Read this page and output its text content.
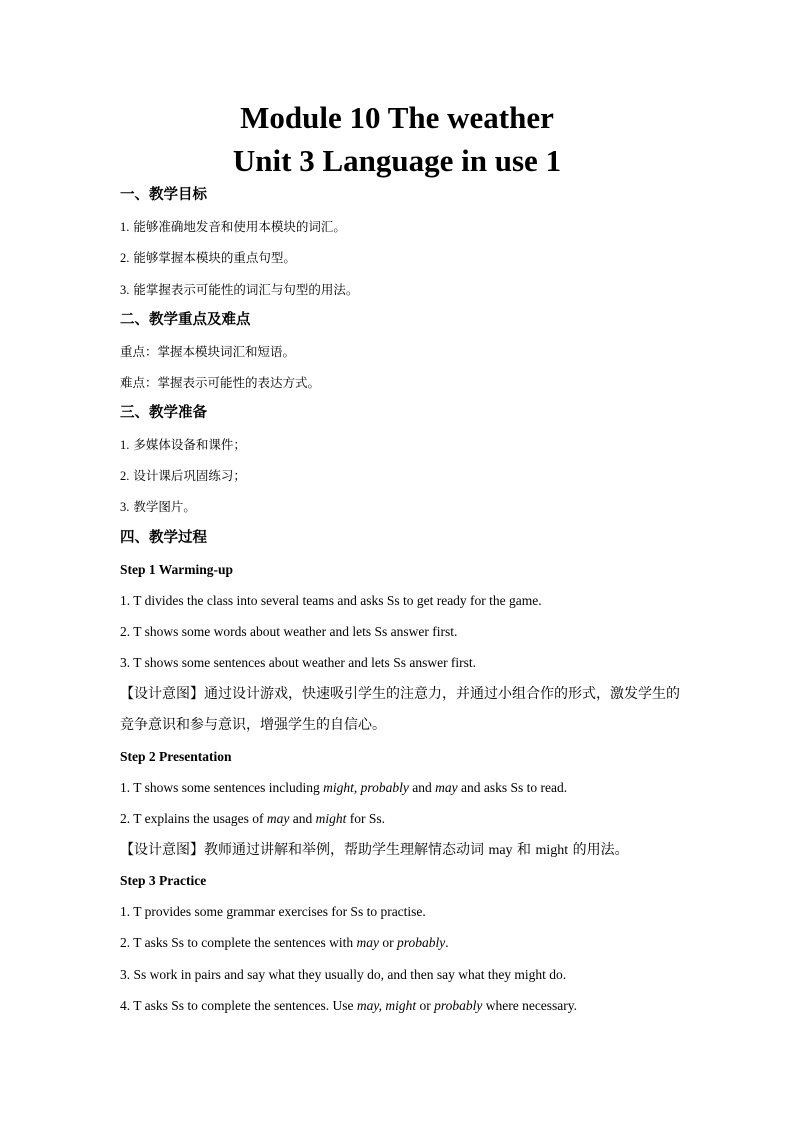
Module 10 The weather
Unit 3 Language in use 1

一、教学目标

1. 能够准确地发音和使用本模块的词汇。

2. 能够掌握本模块的重点句型。

3. 能掌握表示可能性的词汇与句型的用法。

二、教学重点及难点

重点：掌握本模块词汇和短语。

难点：掌握表示可能性的表达方式。

三、教学准备

1. 多媒体设备和课件；

2. 设计课后巩固练习；

3. 教学图片。

四、教学过程

Step 1 Warming-up

1. T divides the class into several teams and asks Ss to get ready for the game.

2. T shows some words about weather and lets Ss answer first.

3. T shows some sentences about weather and lets Ss answer first.

【设计意图】通过设计游戏，快速吸引学生的注意力，并通过小组合作的形式，激发学生的

竞争意识和参与意识，增强学生的自信心。

Step 2 Presentation

1. T shows some sentences including might, probably and may and asks Ss to read.

2. T explains the usages of may and might for Ss.

【设计意图】教师通过讲解和举例，帮助学生理解情态动词 may 和 might 的用法。

Step 3 Practice

1. T provides some grammar exercises for Ss to practise.

2. T asks Ss to complete the sentences with may or probably.

3. Ss work in pairs and say what they usually do, and then say what they might do.

4. T asks Ss to complete the sentences. Use may, might or probably where necessary.
